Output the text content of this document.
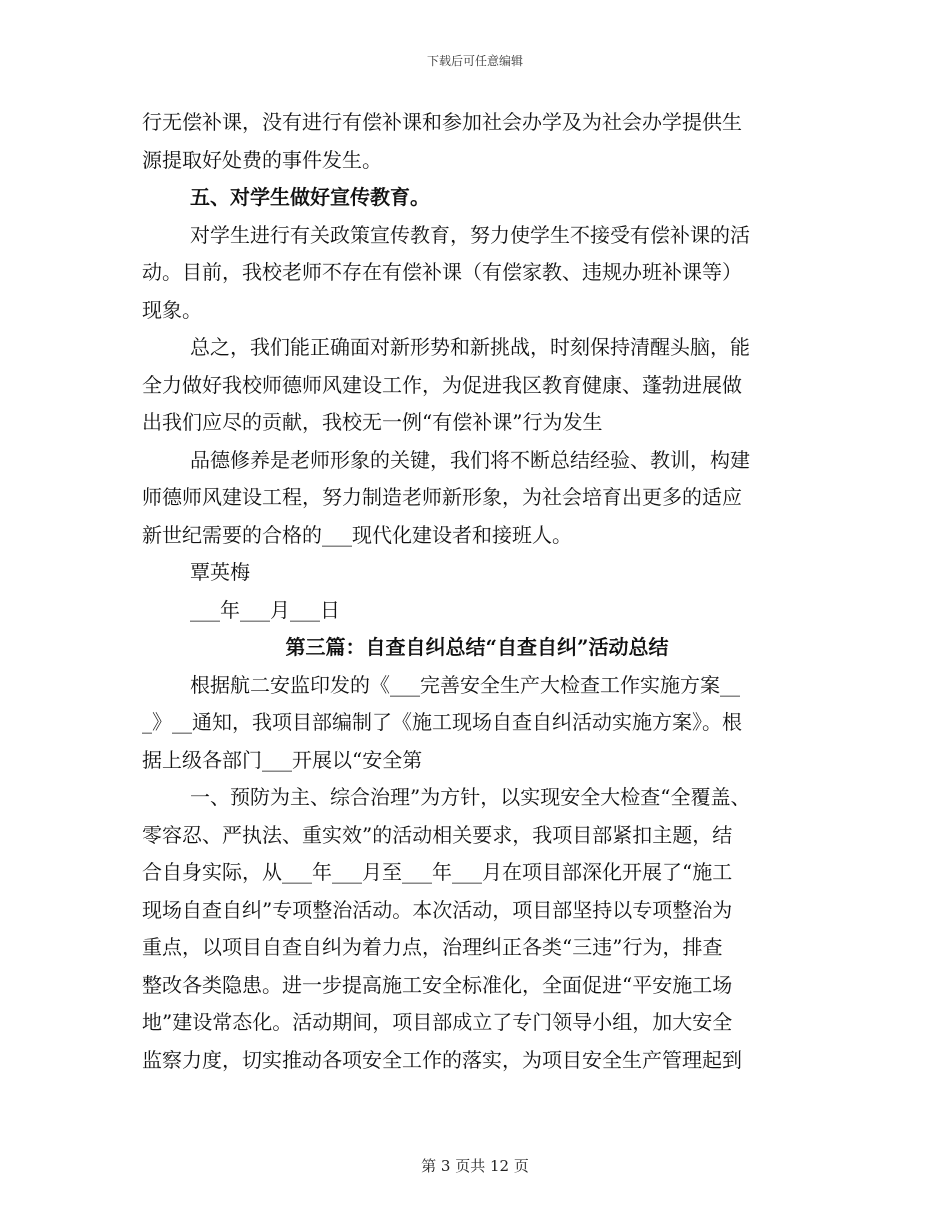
下载后可任意编辑
行无偿补课，没有进行有偿补课和参加社会办学及为社会办学提供生
源提取好处费的事件发生。
五、对学生做好宣传教育。
对学生进行有关政策宣传教育，努力使学生不接受有偿补课的活
动。目前，我校老师不存在有偿补课（有偿家教、违规办班补课等）
现象。
总之，我们能正确面对新形势和新挑战，时刻保持清醒头脑，能
全力做好我校师德师风建设工作，为促进我区教育健康、蓬勃进展做
出我们应尽的贡献，我校无一例“有偿补课”行为发生
品德修养是老师形象的关键，我们将不断总结经验、教训，构建
师德师风建设工程，努力制造老师新形象，为社会培育出更多的适应
新世纪需要的合格的___现代化建设者和接班人。
覃英梅
___年___月___日
第三篇：自查自纠总结“自查自纠”活动总结
根据航二安监印发的《___完善安全生产大检查工作实施方案__
_》__通知，我项目部编制了《施工现场自查自纠活动实施方案》。根
据上级各部门___开展以“安全第
一、预防为主、综合治理”为方针，以实现安全大检查“全覆盖、
零容忍、严执法、重实效”的活动相关要求，我项目部紧扣主题，结
合自身实际，从___年___月至___年___月在项目部深化开展了“施工
现场自查自纠”专项整治活动。本次活动，项目部坚持以专项整治为
重点，以项目自查自纠为着力点，治理纠正各类“三违”行为，排查
整改各类隐患。进一步提高施工安全标准化，全面促进“平安施工场
地”建设常态化。活动期间，项目部成立了专门领导小组，加大安全
监察力度，切实推动各项安全工作的落实，为项目安全生产管理起到
第 3 页共 12 页
